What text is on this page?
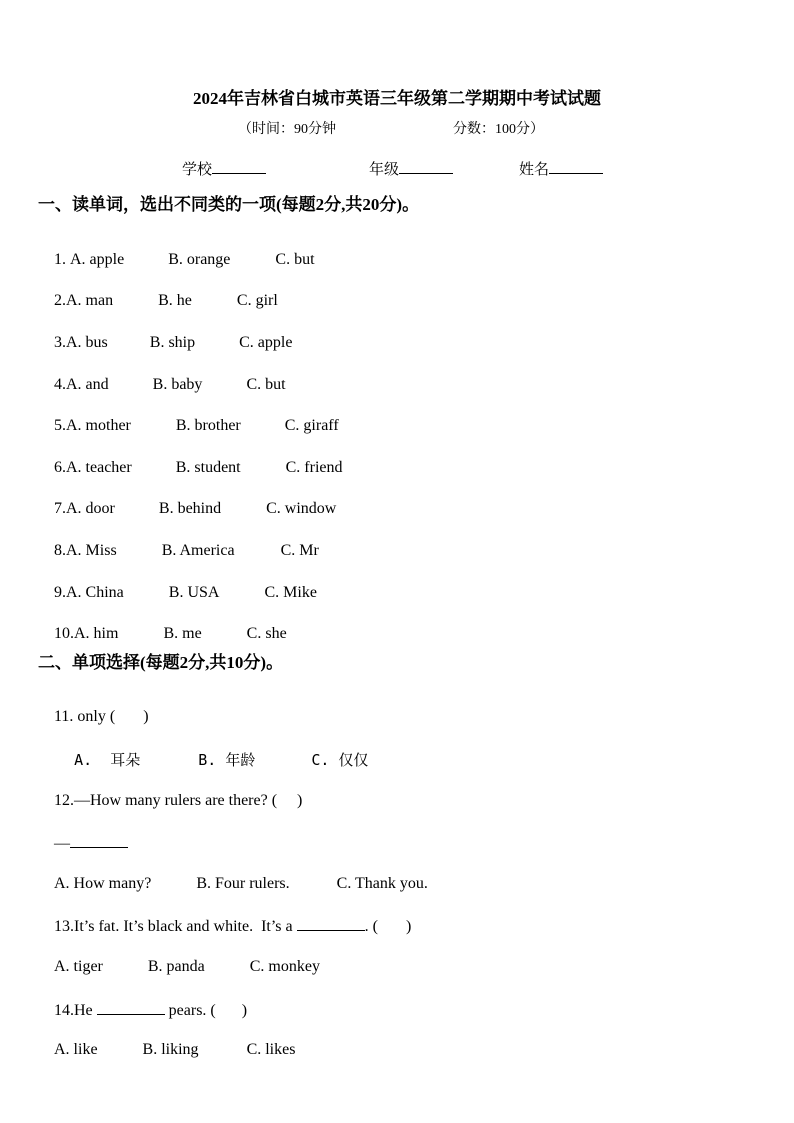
2024年吉林省白城市英语三年级第二学期期中考试试题
（时间：90分钟	分数：100分）
学校	年级	姓名
一、读单词，选出不同类的一项(每题2分,共20分)。

1. A. apple	B. orange	C. but

2.A. man	B. he	C. girl

3.A. bus	B. ship	C. apple

4.A. and	B. baby	C. but

5.A. mother	B. brother	C. giraff

6.A. teacher	B. student	C. friend

7.A. door	B. behind	C. window

8.A. Miss	B. America	C. Mr

9.A. China	B. USA	C. Mike

10.A. him	B. me	C. she

二、单项选择(每题2分,共10分)。

11. only ( )

A.  耳朵	B. 年龄	C. 仅仅

12.—How many rulers are there? ( )

—

A. How many?	B. Four rulers.	C. Thank you.

13.It’s fat. It’s black and white.  It’s a	. ( )

A. tiger	B. panda	C. monkey

14.He	pears. ( )

A. like	B. liking	C. likes
